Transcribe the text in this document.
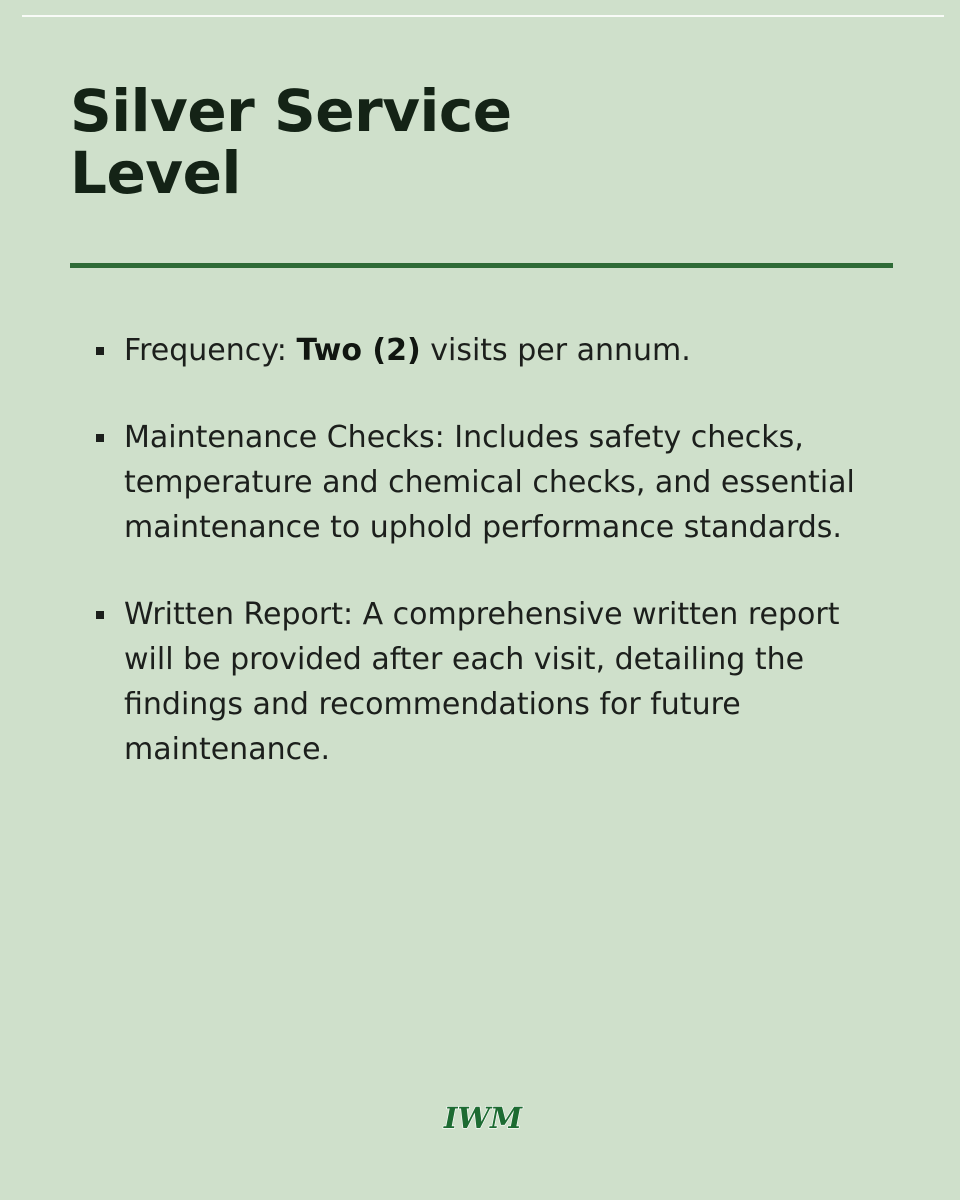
Silver Service
Level
Frequency: Two (2) visits per annum.
Maintenance Checks: Includes safety checks, temperature and chemical checks, and essential maintenance to uphold performance standards.
Written Report: A comprehensive written report will be provided after each visit, detailing the findings and recommendations for future maintenance.
IWM
